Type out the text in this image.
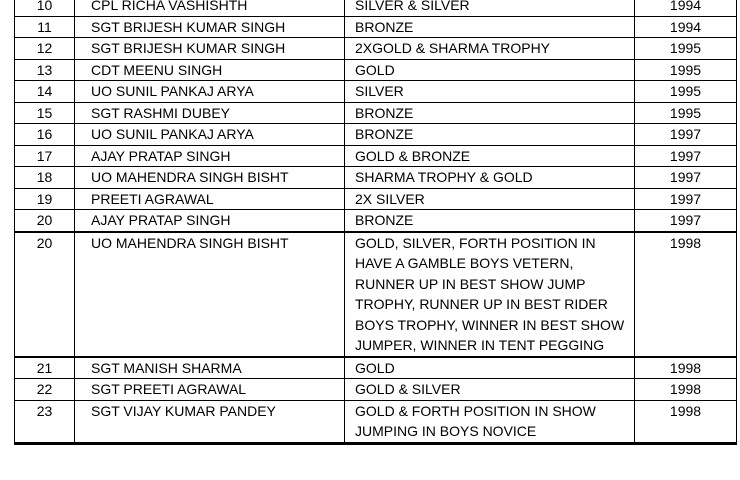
10	CPL RICHA VASHISHTH	SILVER & SILVER	1994
11	SGT BRIJESH KUMAR SINGH	BRONZE	1994
12	SGT BRIJESH KUMAR SINGH	2XGOLD & SHARMA TROPHY	1995
13	CDT MEENU SINGH	GOLD	1995
14	UO SUNIL PANKAJ ARYA	SILVER	1995
15	SGT RASHMI DUBEY	BRONZE	1995
16	UO SUNIL PANKAJ ARYA	BRONZE	1997
17	AJAY PRATAP SINGH	GOLD & BRONZE	1997
18	UO MAHENDRA SINGH BISHT	SHARMA TROPHY & GOLD	1997
19	PREETI AGRAWAL	2X SILVER	1997
20	AJAY PRATAP SINGH	BRONZE	1997
20	UO MAHENDRA SINGH BISHT	GOLD, SILVER, FORTH POSITION IN HAVE A GAMBLE BOYS VETERN, RUNNER UP IN BEST SHOW JUMP TROPHY, RUNNER UP IN BEST RIDER BOYS TROPHY, WINNER IN BEST SHOW JUMPER, WINNER IN TENT PEGGING	1998
21	SGT MANISH SHARMA	GOLD	1998
22	SGT PREETI AGRAWAL	GOLD & SILVER	1998
23	SGT VIJAY KUMAR PANDEY	GOLD & FORTH POSITION IN SHOW JUMPING IN BOYS NOVICE	1998
